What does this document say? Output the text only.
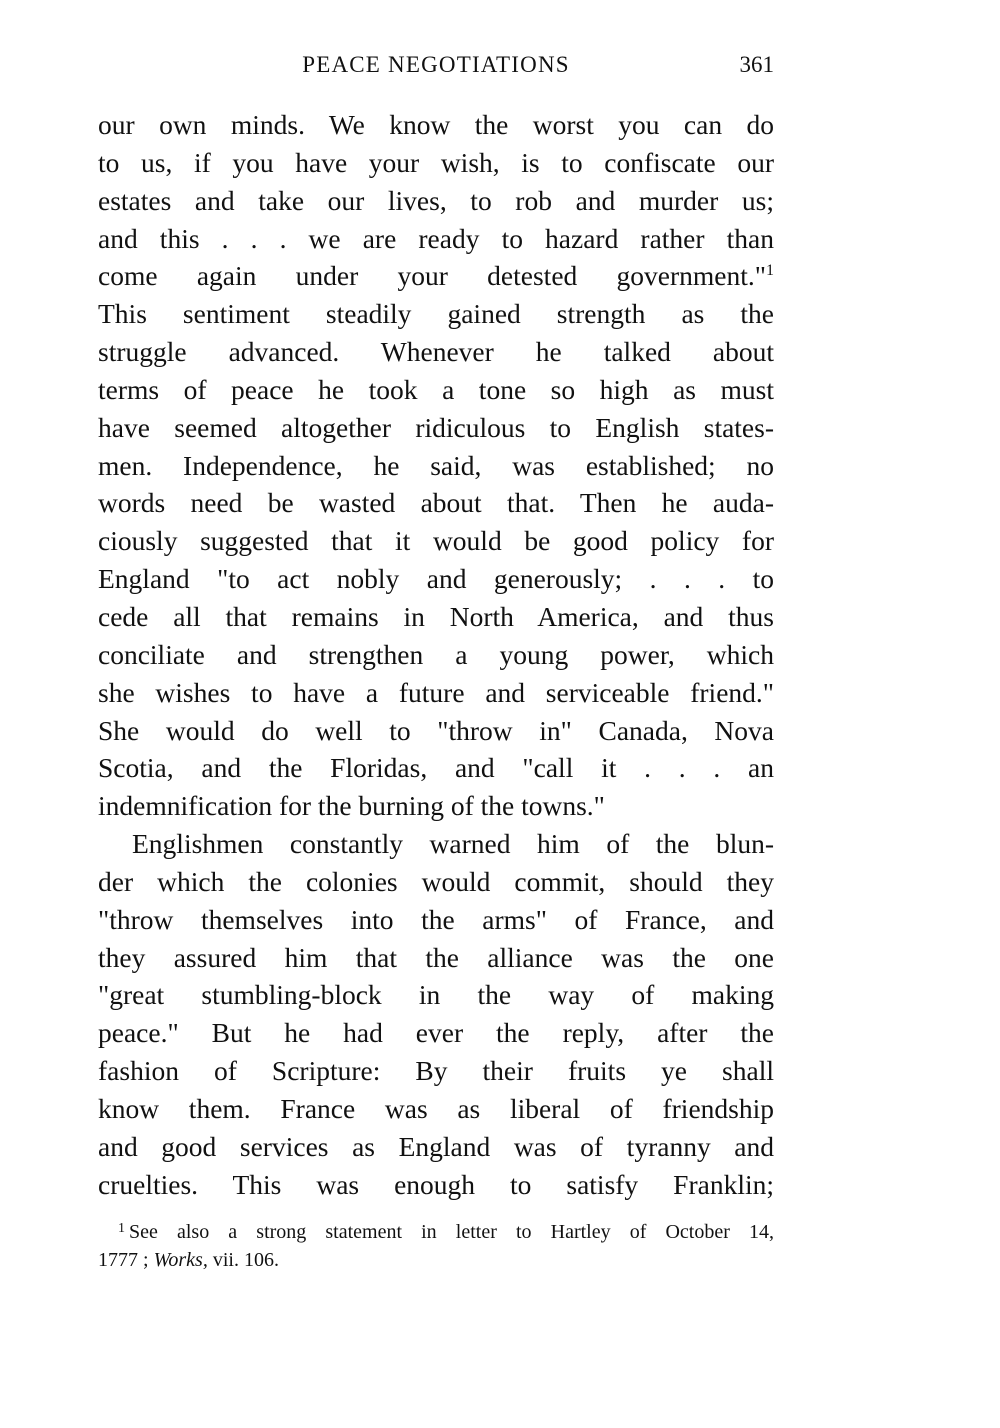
PEACE NEGOTIATIONS	361
our own minds. We know the worst you can do
to us, if you have your wish, is to confiscate our
estates and take our lives, to rob and murder us;
and this . . . we are ready to hazard rather than
come again under your detested government."$^1$
This sentiment steadily gained strength as the
struggle advanced. Whenever he talked about
terms of peace he took a tone so high as must
have seemed altogether ridiculous to English states-
men. Independence, he said, was established; no
words need be wasted about that. Then he auda-
ciously suggested that it would be good policy for
England "to act nobly and generously; . . . to
cede all that remains in North America, and thus
conciliate and strengthen a young power, which
she wishes to have a future and serviceable friend."
She would do well to "throw in" Canada, Nova
Scotia, and the Floridas, and "call it . . . an
indemnification for the burning of the towns."
Englishmen constantly warned him of the blun-
der which the colonies would commit, should they
"throw themselves into the arms" of France, and
they assured him that the alliance was the one
"great stumbling-block in the way of making
peace." But he had ever the reply, after the
fashion of Scripture: By their fruits ye shall
know them. France was as liberal of friendship
and good services as England was of tyranny and
cruelties. This was enough to satisfy Franklin;
$^1$ See also a strong statement in letter to Hartley of October 14,
1777 ; Works, vii. 106.
